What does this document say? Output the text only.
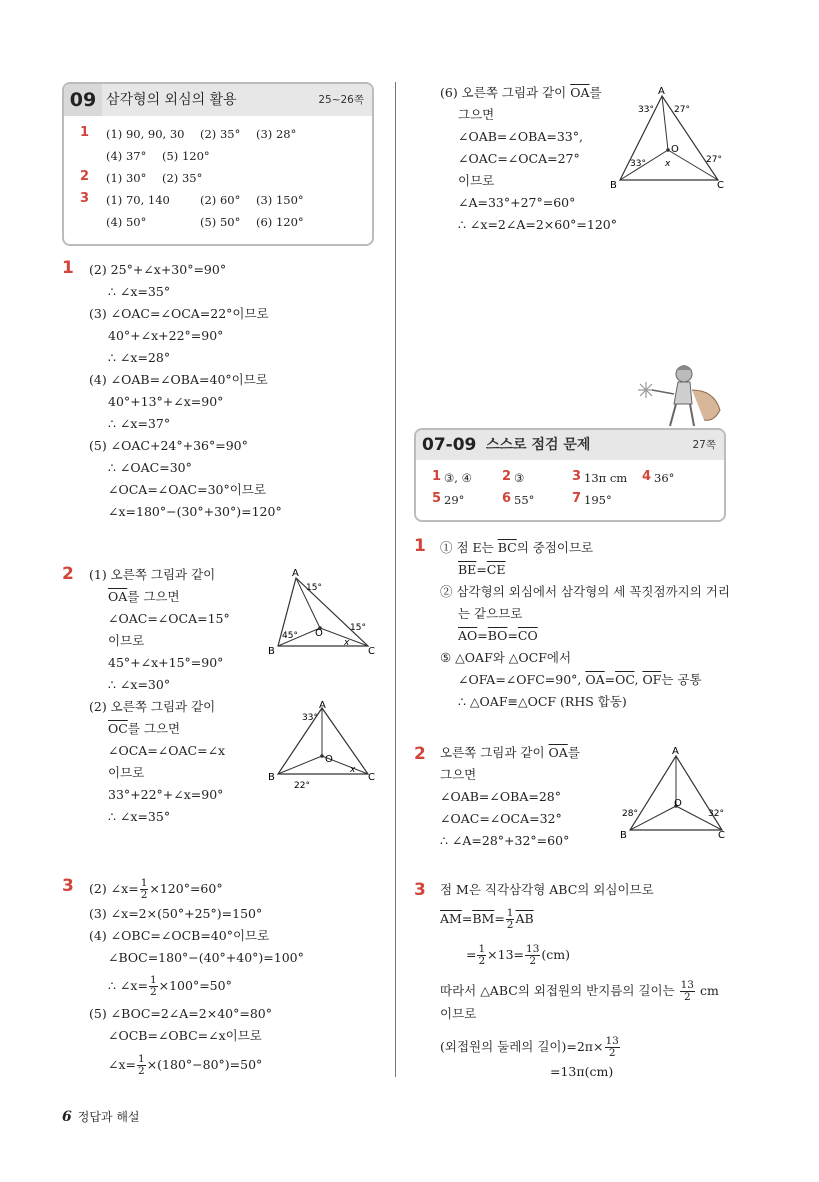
09 삼각형의 외심의 활용	25~26쪽
1 (1) 90, 90, 30 (2) 35° (3) 28°
(4) 37° (5) 120°
2 (1) 30° (2) 35°
3 (1) 70, 140	(2) 60° (3) 150°
(4) 50°	(5) 50° (6) 120°
1 (2) 25°+∠x+30°=90°
∴ ∠x=35°
(3) ∠OAC=∠OCA=22°이므로
40°+∠x+22°=90°
∴ ∠x=28°
(4) ∠OAB=∠OBA=40°이므로
40°+13°+∠x=90°
∴ ∠x=37°
(5) ∠OAC+24°+36°=90°
∴ ∠OAC=30°
∠OCA=∠OAC=30°이므로
∠x=180°−(30°+30°)=120°
2 (1) 오른쪽 그림과 같이
$\overline{OA}$를 그으면
∠OAC=∠OCA=15°
이므로
45°+∠x+15°=90°
∴ ∠x=30°
A
B	C
O
15°
45°
15°
x
(2) 오른쪽 그림과 같이
$\overline{OC}$를 그으면
∠OCA=∠OAC=∠x
이므로
33°+22°+∠x=90°
∴ ∠x=35°
A
B	C
O
33°
22°
x
3 (2) ∠x= $\frac{1}{2} \times 120^\circ=60^\circ$
(3) ∠x=2×(50°+25°)=150°
(4) ∠OBC=∠OCB=40°이므로
∠BOC=180°−(40°+40°)=100°
∴ ∠x= $\frac{1}{2} \times 100^\circ=50^\circ$
(5) ∠BOC=2∠A=2×40°=80°
∠OCB=∠OBC=∠x이므로
∠x= $\frac{1}{2} \times(180^\circ-80^\circ)=50^\circ$
(6) 오른쪽 그림과 같이 $\overline{OA}$를
그으면
∠OAB=∠OBA=33°,
∠OAC=∠OCA=27°
이므로
∠A=33°+27°=60°
∴ ∠x=2∠A=2×60°=120°
A
B	C
O
33° 27°
33°	27°
x
07-09 스스로 점검 문제	27쪽
1 ③, ④ 2 ③	3 13π cm 4 36°
5 29°	6 55°	7 195°
1 ① 점 E는 $\overline{BC}$의 중점이므로
$\overline{BE}=\overline{CE}$
② 삼각형의 외심에서 삼각형의 세 꼭짓점까지의 거리
는 같으므로
$\overline{AO}=\overline{BO}=\overline{CO}$
⑤ △OAF와 △OCF에서
∠OFA=∠OFC=90°, $\overline{OA}=\overline{OC}$, $\overline{OF}$는 공통
∴ △OAF≡△OCF (RHS 합동)
2 오른쪽 그림과 같이 $\overline{OA}$를
그으면
∠OAB=∠OBA=28°
∠OAC=∠OCA=32°
∴ ∠A=28°+32°=60°
A
B	C
O
28°	32°
3 점 M은 직각삼각형 ABC의 외심이므로
$\overline{AM}=\overline{BM}= \frac{1}{2} \overline{AB}$
= $\frac{1}{2} \times 13= \frac{13}{2} (cm)$
따라서 △ABC의 외접원의 반지름의 길이는 $\frac{13}{2}$ cm
이므로
(외접원의 둘레의 길이)$=2\pi\times \frac{13}{2}$
=13π(cm)
6 정답과 해설
